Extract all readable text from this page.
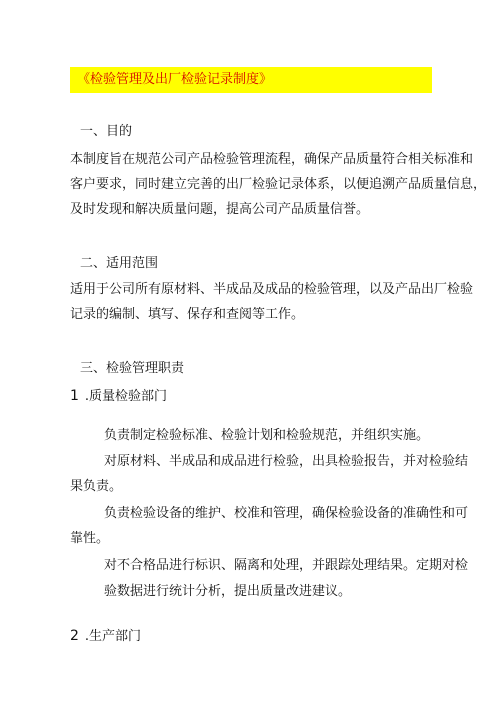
《检验管理及出厂检验记录制度》
一、目的
本制度旨在规范公司产品检验管理流程，确保产品质量符合相关标准和
客户要求，同时建立完善的出厂检验记录体系，以便追溯产品质量信息，
及时发现和解决质量问题，提高公司产品质量信誉。
二、适用范围
适用于公司所有原材料、半成品及成品的检验管理，以及产品出厂检验
记录的编制、填写、保存和查阅等工作。
三、检验管理职责
1 .质量检验部门
负责制定检验标准、检验计划和检验规范，并组织实施。
对原材料、半成品和成品进行检验，出具检验报告，并对检验结
果负责。
负责检验设备的维护、校准和管理，确保检验设备的准确性和可
靠性。
对不合格品进行标识、隔离和处理，并跟踪处理结果。定期对检
验数据进行统计分析，提出质量改进建议。
2 .生产部门
